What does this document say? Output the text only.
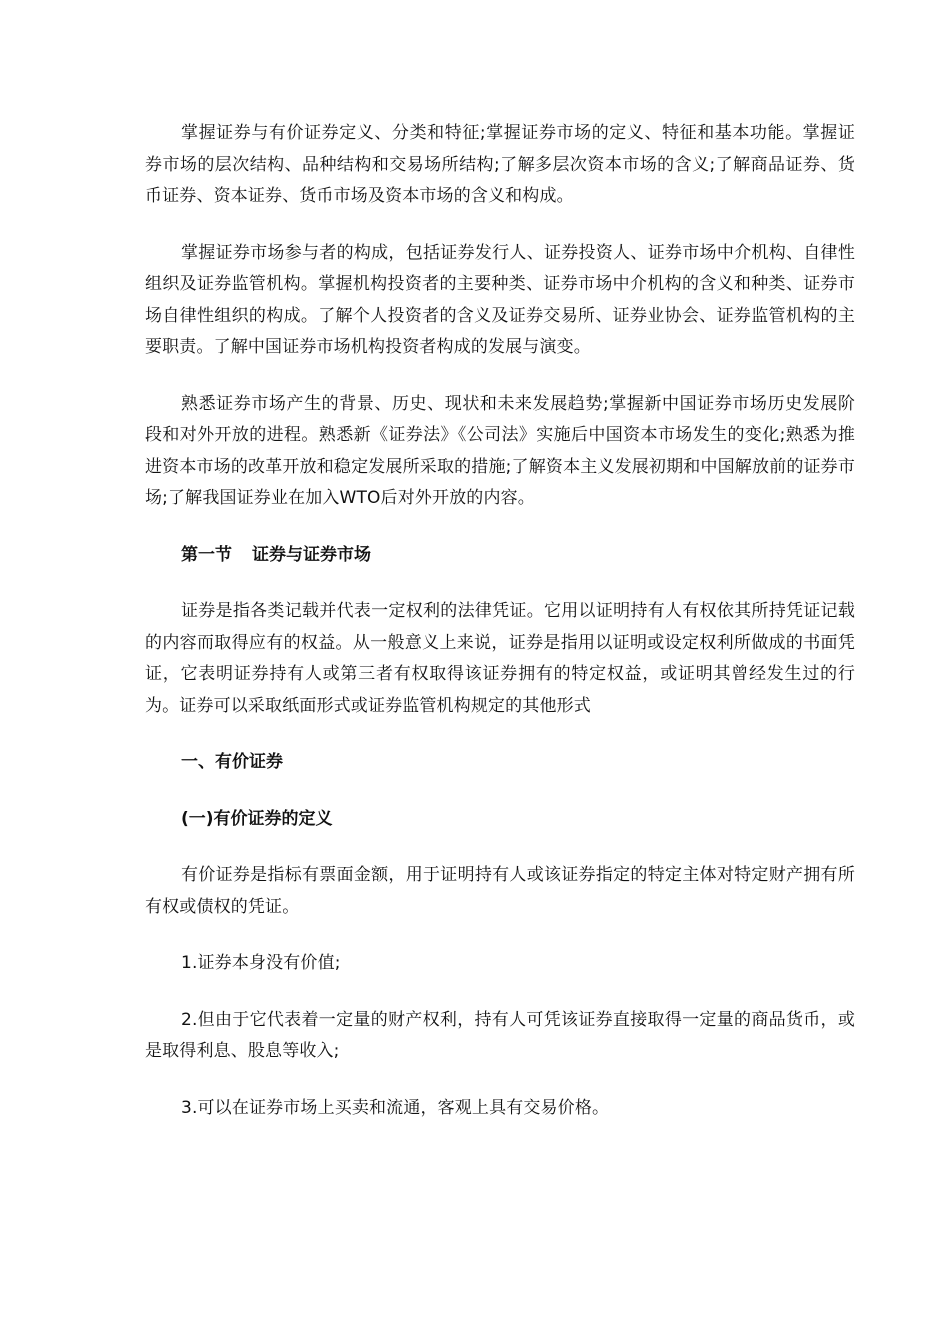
掌握证券与有价证券定义、分类和特征;掌握证券市场的定义、特征和基本功能。掌握证券市场的层次结构、品种结构和交易场所结构;了解多层次资本市场的含义;了解商品证券、货币证券、资本证券、货币市场及资本市场的含义和构成。

掌握证券市场参与者的构成，包括证券发行人、证券投资人、证券市场中介机构、自律性组织及证券监管机构。掌握机构投资者的主要种类、证券市场中介机构的含义和种类、证券市场自律性组织的构成。了解个人投资者的含义及证券交易所、证券业协会、证券监管机构的主要职责。了解中国证券市场机构投资者构成的发展与演变。

熟悉证券市场产生的背景、历史、现状和未来发展趋势;掌握新中国证券市场历史发展阶段和对外开放的进程。熟悉新《证券法》《公司法》实施后中国资本市场发生的变化;熟悉为推进资本市场的改革开放和稳定发展所采取的措施;了解资本主义发展初期和中国解放前的证券市场;了解我国证券业在加入WTO后对外开放的内容。

第一节 证券与证券市场

证券是指各类记载并代表一定权利的法律凭证。它用以证明持有人有权依其所持凭证记载的内容而取得应有的权益。从一般意义上来说，证券是指用以证明或设定权利所做成的书面凭证，它表明证券持有人或第三者有权取得该证券拥有的特定权益，或证明其曾经发生过的行为。证券可以采取纸面形式或证券监管机构规定的其他形式

一、有价证券

(一)有价证券的定义

有价证券是指标有票面金额，用于证明持有人或该证券指定的特定主体对特定财产拥有所有权或债权的凭证。

1.证券本身没有价值;

2.但由于它代表着一定量的财产权利，持有人可凭该证券直接取得一定量的商品货币，或是取得利息、股息等收入;

3.可以在证券市场上买卖和流通，客观上具有交易价格。
